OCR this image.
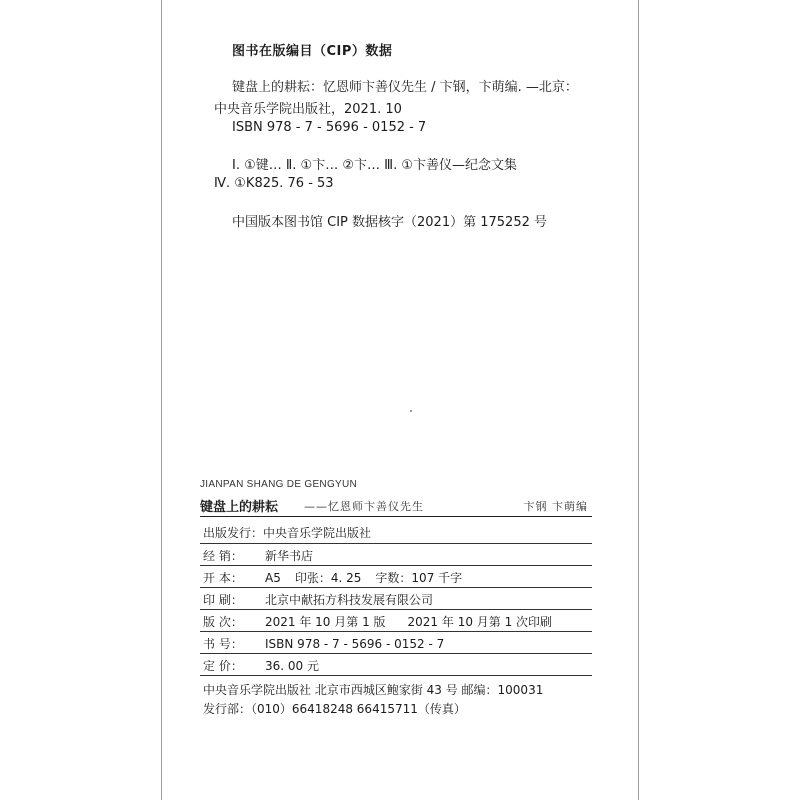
图书在版编目（CIP）数据
键盘上的耕耘：忆恩师卞善仪先生 / 卞钢，卞萌编. —北京：
中央音乐学院出版社，2021. 10
ISBN 978 - 7 - 5696 - 0152 - 7
Ⅰ. ①键… Ⅱ. ①卞… ②卞… Ⅲ. ①卞善仪—纪念文集
Ⅳ. ①K825. 76 - 53
中国版本图书馆 CIP 数据核字（2021）第 175252 号
JIANPAN SHANG DE GENGYUN
键盘上的耕耘 ——忆恩师卞善仪先生	卞钢 卞萌编
出版发行：中央音乐学院出版社
经 销： 新华书店
开 本： A5 印张：4. 25 字数：107 千字
印 刷： 北京中献拓方科技发展有限公司
版 次： 2021 年 10 月第 1 版 2021 年 10 月第 1 次印刷
书 号： ISBN 978 - 7 - 5696 - 0152 - 7
定 价： 36. 00 元
中央音乐学院出版社 北京市西城区鲍家街 43 号 邮编：100031
发行部：（010）66418248 66415711（传真）
